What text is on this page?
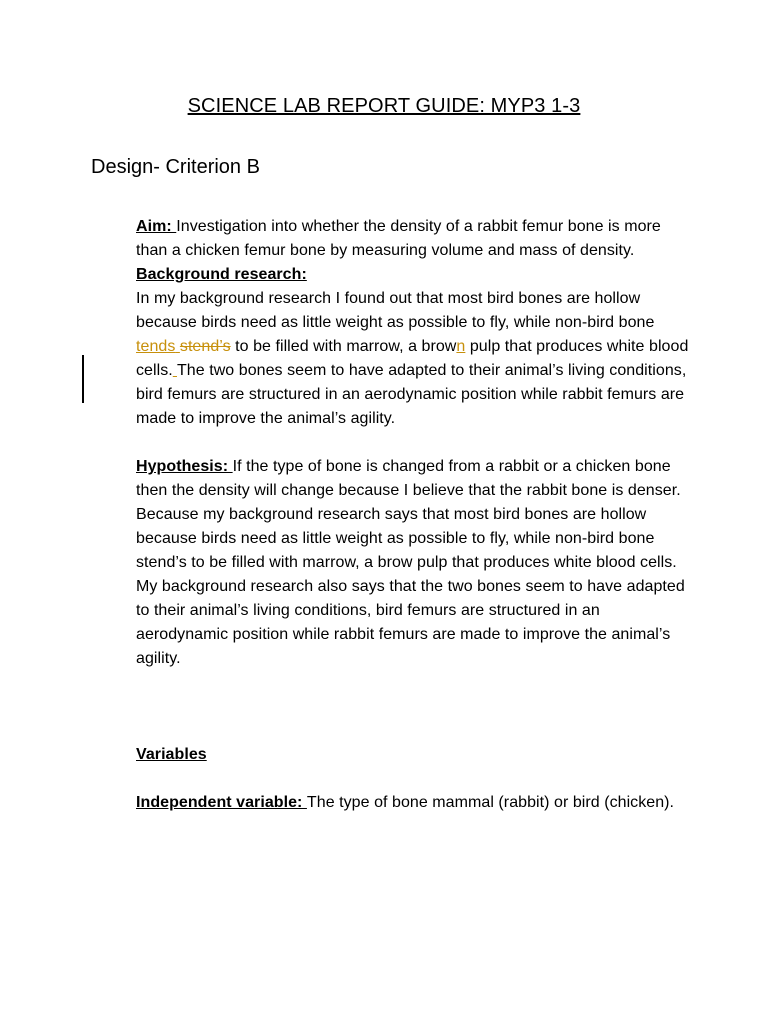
SCIENCE LAB REPORT GUIDE: MYP3 1-3
Design- Criterion B

Aim: Investigation into whether the density of a rabbit femur bone is more than a chicken femur bone by measuring volume and mass of density.

Background research:

In my background research I found out that most bird bones are hollow because birds need as little weight as possible to fly, while non-bird bone tends stend’s to be filled with marrow, a brown pulp that produces white blood cells. The two bones seem to have adapted to their animal’s living conditions, bird femurs are structured in an aerodynamic position while rabbit femurs are made to improve the animal’s agility.

Hypothesis: If the type of bone is changed from a rabbit or a chicken bone then the density will change because I believe that the rabbit bone is denser. Because my background research says that most bird bones are hollow because birds need as little weight as possible to fly, while non-bird bone stend’s to be filled with marrow, a brow pulp that produces white blood cells. My background research also says that the two bones seem to have adapted to their animal’s living conditions, bird femurs are structured in an aerodynamic position while rabbit femurs are made to improve the animal’s agility.

Variables

Independent variable: The type of bone mammal (rabbit) or bird (chicken).
